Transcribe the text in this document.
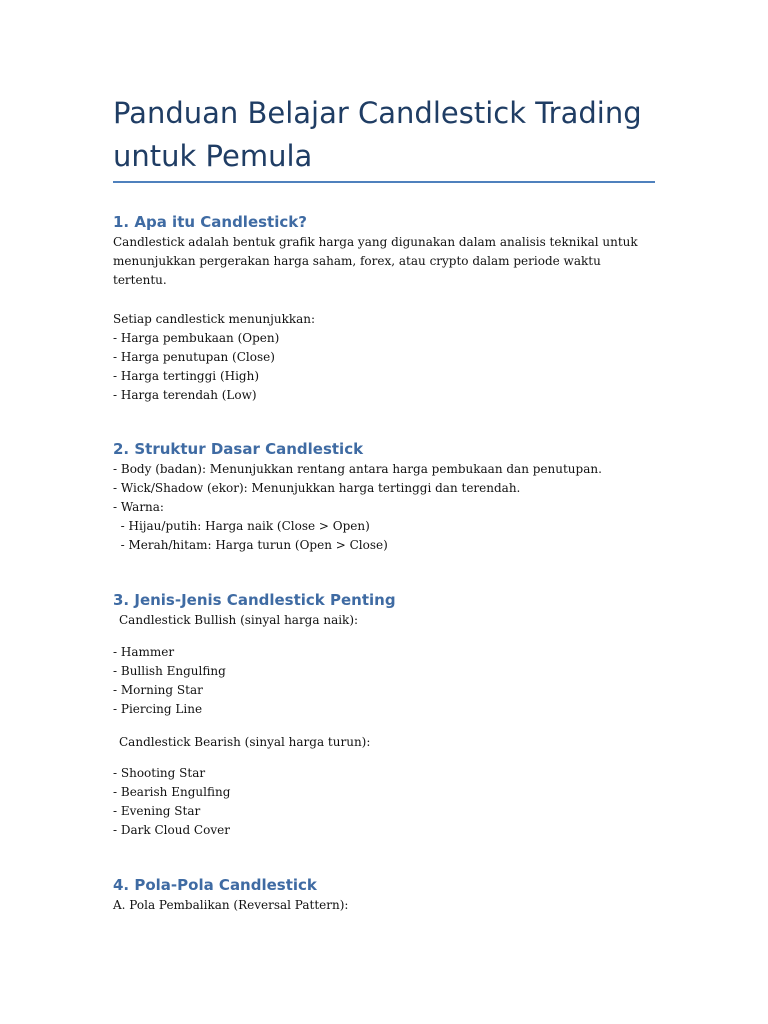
Panduan Belajar Candlestick Trading untuk Pemula
1. Apa itu Candlestick?

Candlestick adalah bentuk grafik harga yang digunakan dalam analisis teknikal untuk menunjukkan pergerakan harga saham, forex, atau crypto dalam periode waktu tertentu.

Setiap candlestick menunjukkan:

- Harga pembukaan (Open)

- Harga penutupan (Close)

- Harga tertinggi (High)

- Harga terendah (Low)

2. Struktur Dasar Candlestick

- Body (badan): Menunjukkan rentang antara harga pembukaan dan penutupan.

- Wick/Shadow (ekor): Menunjukkan harga tertinggi dan terendah.

- Warna:

- Hijau/putih: Harga naik (Close > Open)

- Merah/hitam: Harga turun (Open > Close)

3. Jenis-Jenis Candlestick Penting

Candlestick Bullish (sinyal harga naik):

- Hammer

- Bullish Engulfing

- Morning Star

- Piercing Line

Candlestick Bearish (sinyal harga turun):

- Shooting Star

- Bearish Engulfing

- Evening Star

- Dark Cloud Cover

4. Pola-Pola Candlestick

A. Pola Pembalikan (Reversal Pattern):
